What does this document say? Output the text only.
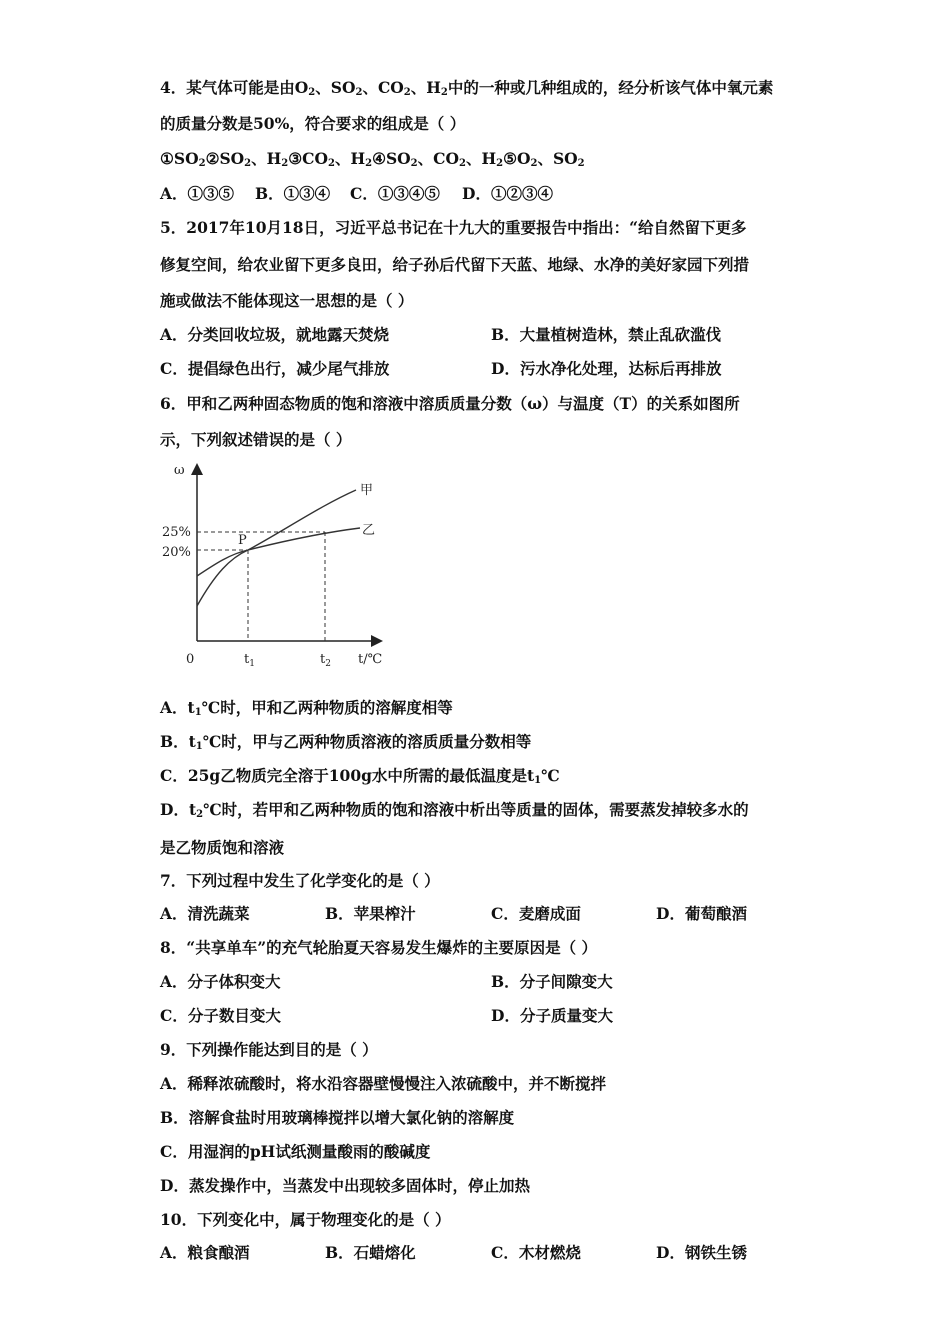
4．某气体可能是由$O_2$、$SO_2$、$CO_2$、$H_2$中的一种或几种组成的，经分析该气体中氧元素
的质量分数是50%，符合要求的组成是（ ）
$①SO_2②SO_2$、$H_2③CO_2$、$H_2④SO_2$、$CO_2$、$H_2⑤O_2$、$SO_2$
A．①③⑤ B．①③④ C．①③④⑤ D．①②③④
5．2017年10月18日，习近平总书记在十九大的重要报告中指出：“给自然留下更多
修复空间，给农业留下更多良田，给子孙后代留下天蓝、地绿、水净的美好家园下列措
施或做法不能体现这一思想的是（ ）
A．分类回收垃圾，就地露天焚烧	B．大量植树造林，禁止乱砍滥伐
C．提倡绿色出行，减少尾气排放	D．污水净化处理，达标后再排放
6．甲和乙两种固态物质的饱和溶液中溶质质量分数（ω）与温度（T）的关系如图所
示，下列叙述错误的是（ ）
ω
25%
20%
P
甲
乙
0	$t_1$	$t_2$ t/℃
A．$t_1℃$时，甲和乙两种物质的溶解度相等
B．$t_1℃$时，甲与乙两种物质溶液的溶质质量分数相等
C．25g乙物质完全溶于100g水中所需的最低温度是$t_1℃$
D．$t_2℃$时，若甲和乙两种物质的饱和溶液中析出等质量的固体，需要蒸发掉较多水的
是乙物质饱和溶液
7．下列过程中发生了化学变化的是（ ）
A．清洗蔬菜	B．苹果榨汁	C．麦磨成面	D．葡萄酿酒
8．“共享单车”的充气轮胎夏天容易发生爆炸的主要原因是（ ）
A．分子体积变大	B．分子间隙变大
C．分子数目变大	D．分子质量变大
9．下列操作能达到目的是（ ）
A．稀释浓硫酸时，将水沿容器壁慢慢注入浓硫酸中，并不断搅拌
B．溶解食盐时用玻璃棒搅拌以增大氯化钠的溶解度
C．用湿润的pH试纸测量酸雨的酸碱度
D．蒸发操作中，当蒸发中出现较多固体时，停止加热
10．下列变化中，属于物理变化的是（ ）
A．粮食酿酒	B．石蜡熔化	C．木材燃烧	D．钢铁生锈
